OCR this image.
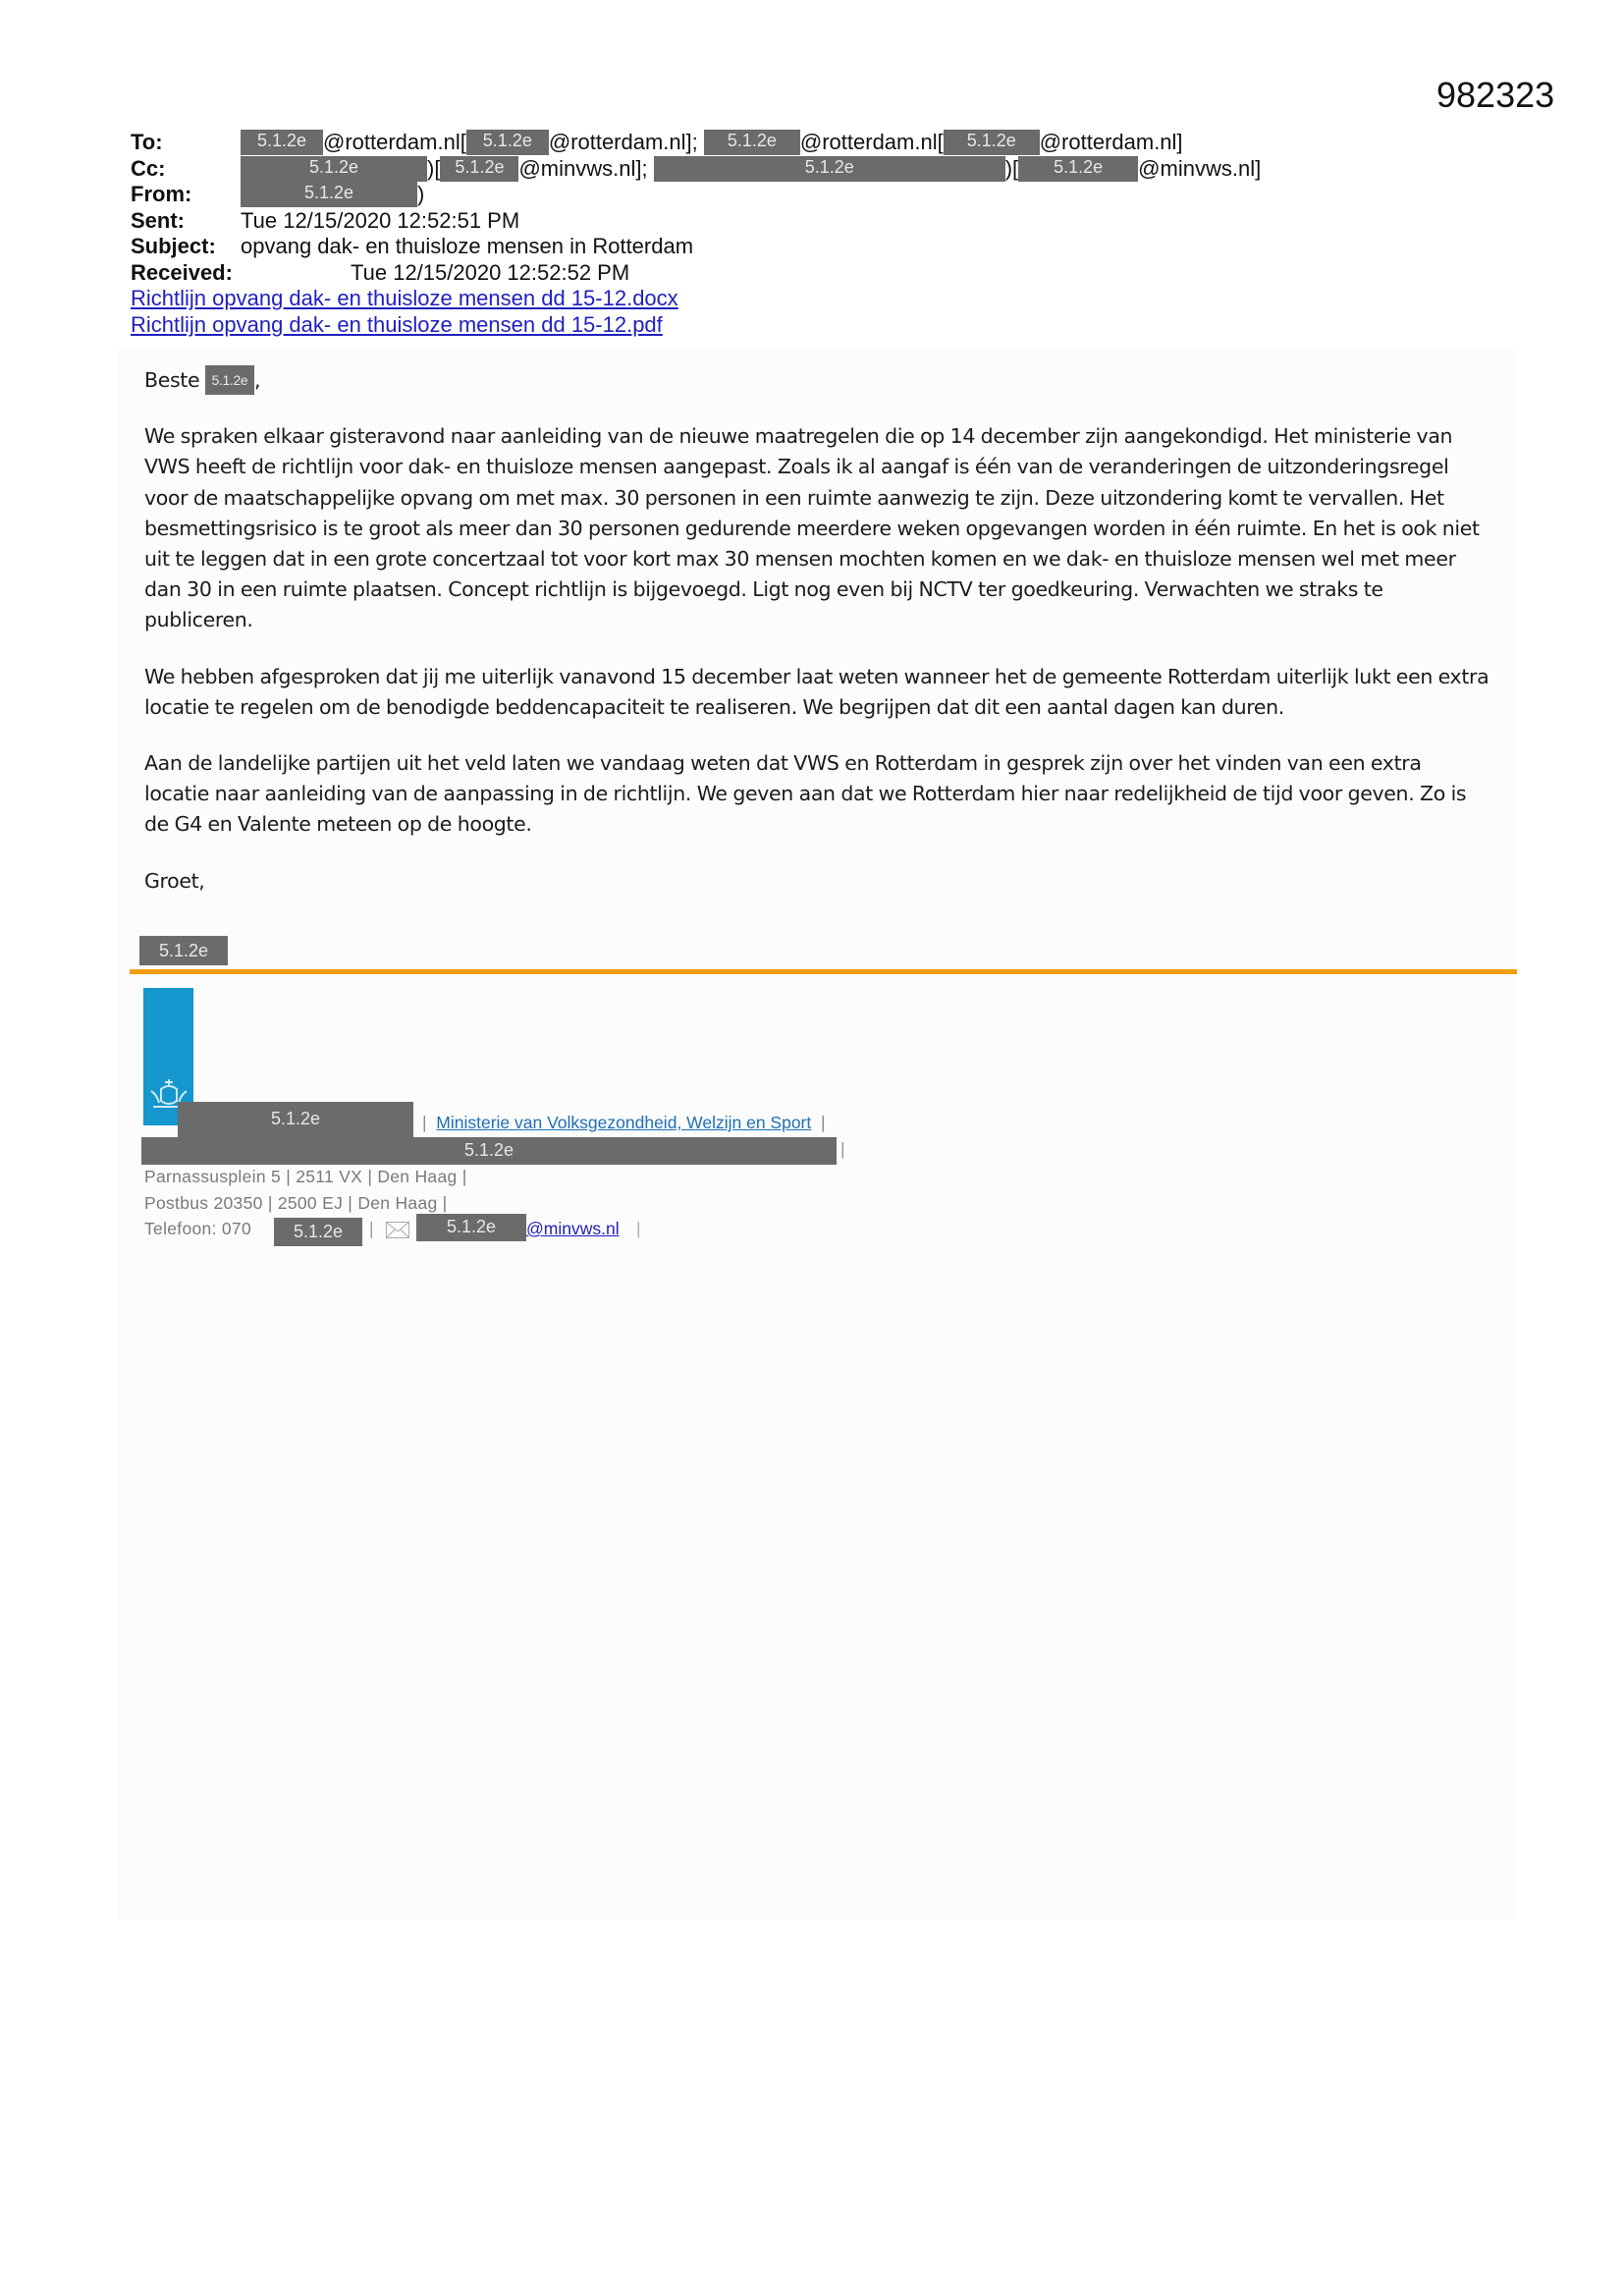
982323
To:	5.1.2e @rotterdam.nl[ 5.1.2e @rotterdam.nl]; 5.1.2e @rotterdam.nl[ 5.1.2e @rotterdam.nl]
Cc:	5.1.2e	)[ 5.1.2e @minvws.nl];	5.1.2e	)[ 5.1.2e @minvws.nl]
From:	5.1.2e	)
Sent:	Tue 12/15/2020 12:52:51 PM
Subject: opvang dak- en thuisloze mensen in Rotterdam
Received:	Tue 12/15/2020 12:52:52 PM
Richtlijn opvang dak- en thuisloze mensen dd 15-12.docx
Richtlijn opvang dak- en thuisloze mensen dd 15-12.pdf

Beste 5.1.2e ,

We spraken elkaar gisteravond naar aanleiding van de nieuwe maatregelen die op 14 december zijn aangekondigd. Het ministerie van VWS heeft de richtlijn voor dak- en thuisloze mensen aangepast. Zoals ik al aangaf is één van de veranderingen de uitzonderingsregel voor de maatschappelijke opvang om met max. 30 personen in een ruimte aanwezig te zijn. Deze uitzondering komt te vervallen. Het besmettingsrisico is te groot als meer dan 30 personen gedurende meerdere weken opgevangen worden in één ruimte. En het is ook niet uit te leggen dat in een grote concertzaal tot voor kort max 30 mensen mochten komen en we dak- en thuisloze mensen wel met meer dan 30 in een ruimte plaatsen. Concept richtlijn is bijgevoegd. Ligt nog even bij NCTV ter goedkeuring. Verwachten we straks te publiceren.

We hebben afgesproken dat jij me uiterlijk vanavond 15 december laat weten wanneer het de gemeente Rotterdam uiterlijk lukt een extra locatie te regelen om de benodigde beddencapaciteit te realiseren. We begrijpen dat dit een aantal dagen kan duren.

Aan de landelijke partijen uit het veld laten we vandaag weten dat VWS en Rotterdam in gesprek zijn over het vinden van een extra locatie naar aanleiding van de aanpassing in de richtlijn. We geven aan dat we Rotterdam hier naar redelijkheid de tijd voor geven. Zo is de G4 en Valente meteen op de hoogte.

Groet,

5.1.2e
5.1.2e	| Ministerie van Volksgezondheid, Welzijn en Sport |
5.1.2e	|
Parnassusplein 5 | 2511 VX | Den Haag |
Postbus 20350 | 2500 EJ | Den Haag |
Telefoon: 070	5.1.2e	|	5.1.2e	@minvws.nl |
